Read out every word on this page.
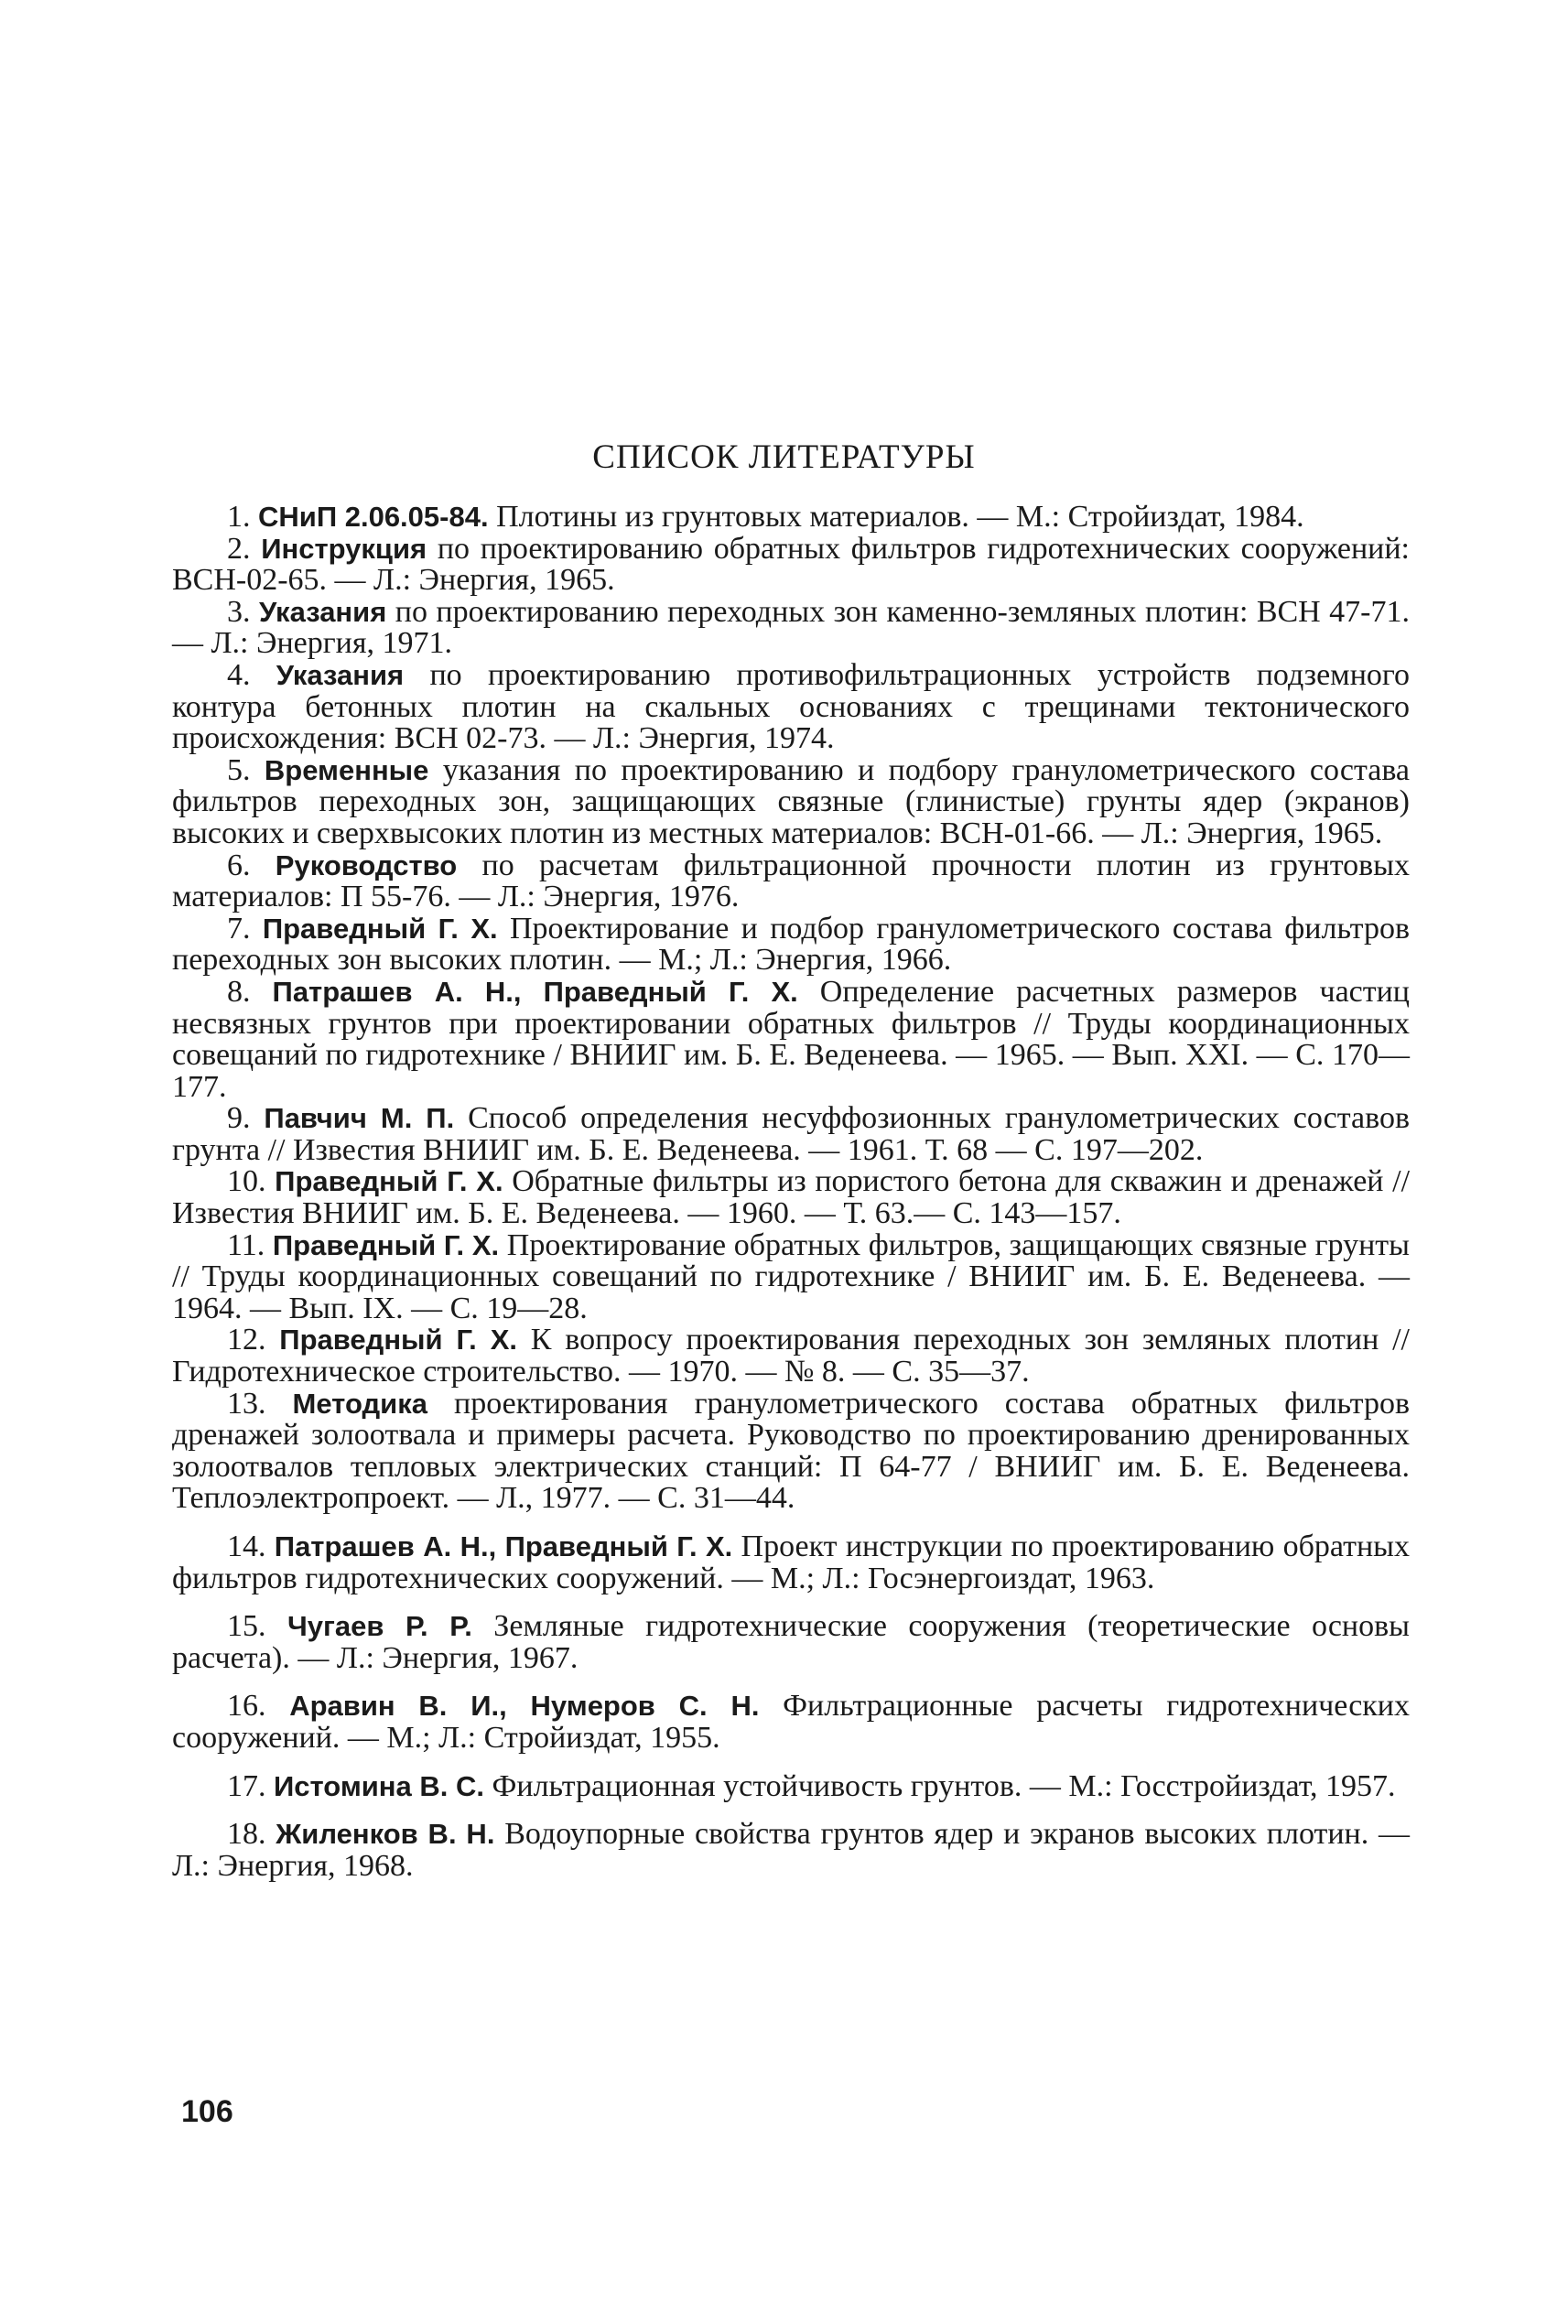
СПИСОК ЛИТЕРАТУРЫ

1. СНиП 2.06.05-84. Плотины из грунтовых материалов. — М.: Стройиздат, 1984.

2. Инструкция по проектированию обратных фильтров гидротехнических сооружений: ВСН-02-65. — Л.: Энергия, 1965.

3. Указания по проектированию переходных зон каменно-земляных плотин: ВСН 47-71. — Л.: Энергия, 1971.

4. Указания по проектированию противофильтрационных устройств подземного контура бетонных плотин на скальных основаниях с трещинами тектонического происхождения: ВСН 02-73. — Л.: Энергия, 1974.

5. Временные указания по проектированию и подбору гранулометрического состава фильтров переходных зон, защищающих связные (глинистые) грунты ядер (экранов) высоких и сверхвысоких плотин из местных материалов: ВСН-01-66. — Л.: Энергия, 1965.

6. Руководство по расчетам фильтрационной прочности плотин из грунтовых материалов: П 55-76. — Л.: Энергия, 1976.

7. Праведный Г. Х. Проектирование и подбор гранулометрического состава фильтров переходных зон высоких плотин. — М.; Л.: Энергия, 1966.

8. Патрашев А. Н., Праведный Г. Х. Определение расчетных размеров частиц несвязных грунтов при проектировании обратных фильтров // Труды координационных совещаний по гидротехнике / ВНИИГ им. Б. Е. Веденеева. — 1965. — Вып. XXI. — С. 170—177.

9. Павчич М. П. Способ определения несуффозионных гранулометрических составов грунта // Известия ВНИИГ им. Б. Е. Веденеева. — 1961. Т. 68 — С. 197—202.

10. Праведный Г. Х. Обратные фильтры из пористого бетона для скважин и дренажей // Известия ВНИИГ им. Б. Е. Веденеева. — 1960. — Т. 63.— С. 143—157.

11. Праведный Г. Х. Проектирование обратных фильтров, защищающих связные грунты // Труды координационных совещаний по гидротехнике / ВНИИГ им. Б. Е. Веденеева. — 1964. — Вып. IX. — С. 19—28.

12. Праведный Г. Х. К вопросу проектирования переходных зон земляных плотин // Гидротехническое строительство. — 1970. — № 8. — С. 35—37.

13. Методика проектирования гранулометрического состава обратных фильтров дренажей золоотвала и примеры расчета. Руководство по проектированию дренированных золоотвалов тепловых электрических станций: П 64-77 / ВНИИГ им. Б. Е. Веденеева. Теплоэлектропроект. — Л., 1977. — С. 31—44.

14. Патрашев А. Н., Праведный Г. Х. Проект инструкции по проектированию обратных фильтров гидротехнических сооружений. — М.; Л.: Госэнергоиздат, 1963.

15. Чугаев Р. Р. Земляные гидротехнические сооружения (теоретические основы расчета). — Л.: Энергия, 1967.

16. Аравин В. И., Нумеров С. Н. Фильтрационные расчеты гидротехнических сооружений. — М.; Л.: Стройиздат, 1955.

17. Истомина В. С. Фильтрационная устойчивость грунтов. — М.: Госстройиздат, 1957.

18. Жиленков В. Н. Водоупорные свойства грунтов ядер и экранов высоких плотин. — Л.: Энергия, 1968.

106
